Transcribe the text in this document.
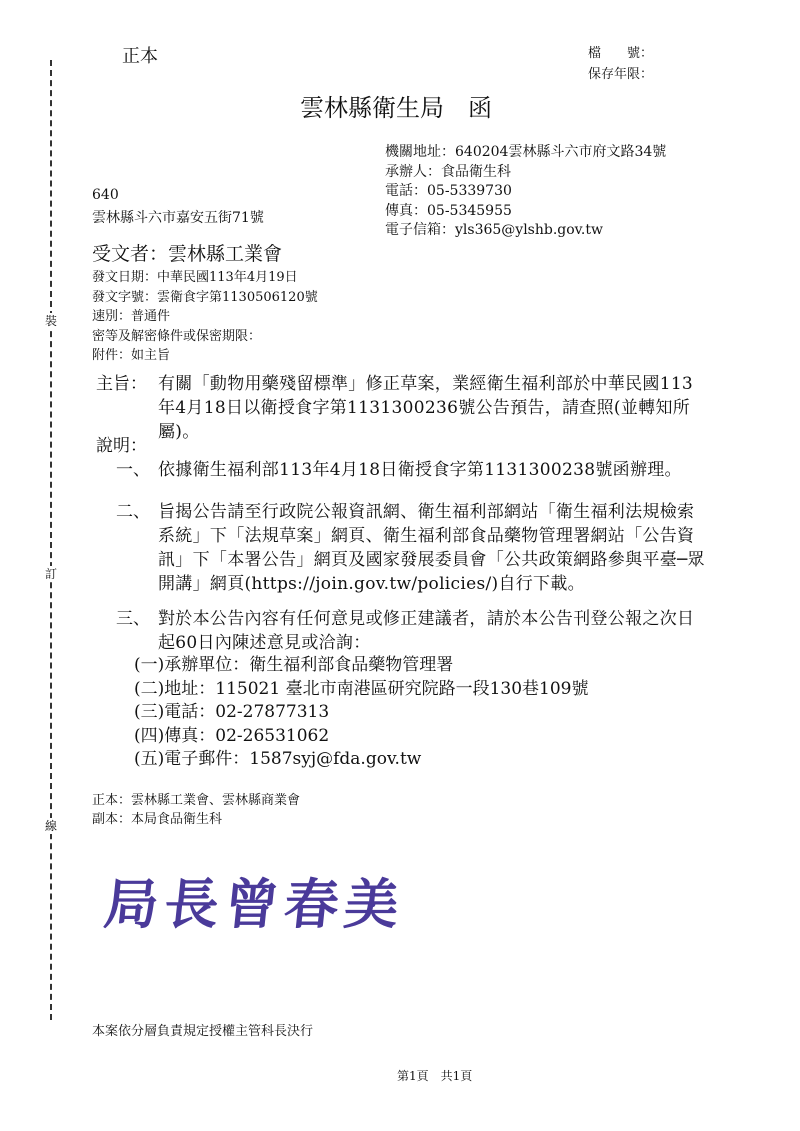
裝
訂
線
正本	檔　　號：
保存年限：
雲林縣衛生局　函
機關地址：640204雲林縣斗六市府文路34號
承辦人：食品衛生科
電話：05-5339730
傳真：05-5345955
電子信箱：yls365@ylshb.gov.tw
640
雲林縣斗六市嘉安五街71號
受文者：雲林縣工業會
發文日期：中華民國113年4月19日
發文字號：雲衛食字第1130506120號
速別：普通件
密等及解密條件或保密期限：
附件：如主旨
主旨： 有關「動物用藥殘留標準」修正草案，業經衛生福利部於中華民國113年4月18日以衛授食字第1131300236號公告預告，請查照(並轉知所屬)。
說明：
一、 依據衛生福利部113年4月18日衛授食字第1131300238號函辦理。
二、 旨揭公告請至行政院公報資訊網、衛生福利部網站「衛生福利法規檢索系統」下「法規草案」網頁、衛生福利部食品藥物管理署網站「公告資訊」下「本署公告」網頁及國家發展委員會「公共政策網路參與平臺─眾開講」網頁(https://join.gov.tw/policies/)自行下載。
三、 對於本公告內容有任何意見或修正建議者，請於本公告刊登公報之次日起60日內陳述意見或洽詢：
(一)承辦單位：衛生福利部食品藥物管理署
(二)地址：115021 臺北市南港區研究院路一段130巷109號
(三)電話：02-27877313
(四)傳真：02-26531062
(五)電子郵件：1587syj@fda.gov.tw
正本：雲林縣工業會、雲林縣商業會
副本：本局食品衛生科
局長曾春美
本案依分層負責規定授權主管科長決行
第1頁　共1頁
